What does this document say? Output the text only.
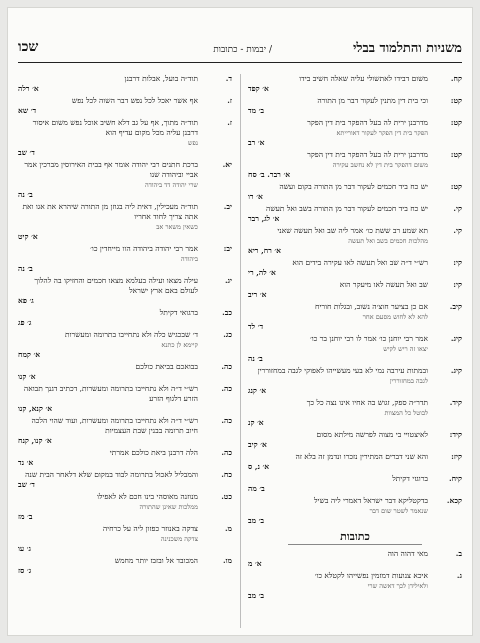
משניות והתלמוד בבלי
/ יבמות - כתובות
שכו
קח.
משום דבידו לאתשולי עליה שאלה חשיב בידו
א׳ קפד
קט:
וכי בית דין מתנין לעקור דבר מן התורה
ב׳ מד
קט:
מדרבנן ירית לה בעל דהפקר בית דין הפקר
הפקר בית דין הפקר לעקור דאורייתא
א׳ רב
קט:
מדרבנן ירית לה בעל דהפקר בית דין הפקר
משום דהפקר בית דין לא נחשב עקירה
א׳ רבר. ב׳ סח
קט:
יש כח ביד חכמים לעקור דבר מן התורה בקום ועשה
א׳ רו
קי.
יש כח ביד חכמים לעקור דבר מן התורה בשב ואל תעשה
א׳ לג, רבר
קי.
תא שמע רב ששת כו׳ אמר ליה שב ואל תעשה שאני
מהלכות חכמים בשב ואל תעשה
א׳ רח, ריא
קי:
רש״י ד״ה שב ואל תעשה לאו עקירה בידים הוא
א׳ לה, רי
קי:
שב ואל תעשה לאו מיעקר הוא
א׳ ריב
קיב.
אם כן בציער חוצ׳ה נשוב, ובגלות חוריח
להא לא לחוש מסעם אחר
ד׳ לד
קיג.
אמר רבי יוחנן כו׳ אמר לו רבי יוחנן בר כו׳
יצאו זה ריש לקיש
ב׳ נה
קיג.
ובמתות עירבה נמי לא בעי מעשייהו לאפוקי לגבה במחזוררין
לגבה במחזוררין
א׳ קנג
קיד.
תדר״ה ספק, זגוש בה אחיו אינו נצה כל כך
לבוטל כל המצוות
א׳ קנ
קיד:
לאיצטויי בי מצוה לפרשה מילתא מסום
א׳ קיב
קיז:
והא שני דברים המתירין נזכרו ונדמן זה בלא זה
א׳ נ, ס
קיח.
ברוגזי דקיתל
ב׳ מה
קכא.
בדקטליקא דבר ישראל דאמרי ליה בשיל
שנאמר לשטר שום דבר
ב׳ מב
כתובות
ב.
מאי דהוה הוה
א׳ מ
ג.
איכא צנועות דמזמין נפשייהו לקטלא כו׳
ולאילידן לכך דאשה שרי
ב׳ מב
ד.
תוד״ה בועל, אבלות דרבנן
א׳ רלה
ז.
אף אשר יאכל לכל נפש דבר השוה לכל נפש
ד׳ שא
ז.
תוד״ה מתוך, אף על גב דלא חשיב אוכל נפש משום איסור דרבנן עליה מכל מקום עדיף הוא
נפש
ד׳ שב
יא.
ברכת חתנים רבי יהודה אומר אף בבית האירוסין מברכין אמר אביי וביהודה שנו
שרי יהודה דד ביהודה
ב׳ נה
יב.
תוד״ה מעכילין, דאית ליה בגוזן מן התורה שיהרא את אגו ואת אתה צריך לחוד אחריו
כשאין משאר אב
א׳ קיט
יב:
אמר רבי יהודה ביהודה הוו מייחדין כו׳
ביהודה
ב׳ נה
יג.
עילה מצאו ועילה בעלמא מצאו חכמים והחזיקו בה להלוך לעולם באם ארץ ישראל
ג׳ פא
כב.
ברגואי דקיתל
ג׳ פג
כג.
ד׳ שבכגיש כלה ולא נתחייבו בתרומה ומעשרות
קיימא לן כתנא
א׳ קמח
כה.
בבואכם בביאת כולכם
א׳ קנו
כה.
רש״י ד״ה ולא נתחייבו בתרומה ומעשרות, דכתיב דגנך תבואה הזרע דלגוף הזרע
א׳ קנא, קנו
כה.
רש״י ד״ה ולא נתחייבו בתרומה ומעשרות, ועוד שהוי הלכה חיוב תרומה בבנין שבת העצמיות
א׳ קנו, קנח
כה.
הלה דרבנן ביאת כולכם אמרתי
א׳ נד
כח.
והמבליל לאכול בתרומה לבוד במקום שלא דלאחר הבית שנה
ד׳ שב
כט.
מנוזנה מאוסהי בינו חכם לא לאפילו
ממלכות שאינן שהתורה
ב׳ מז
מ.
צדקה באנוזר כפזון ליה על כרחיה
צדקה משכנינה
ג׳ עו
מו.
המכובד אל ובזבז יותר מחמש
ג׳ סז
